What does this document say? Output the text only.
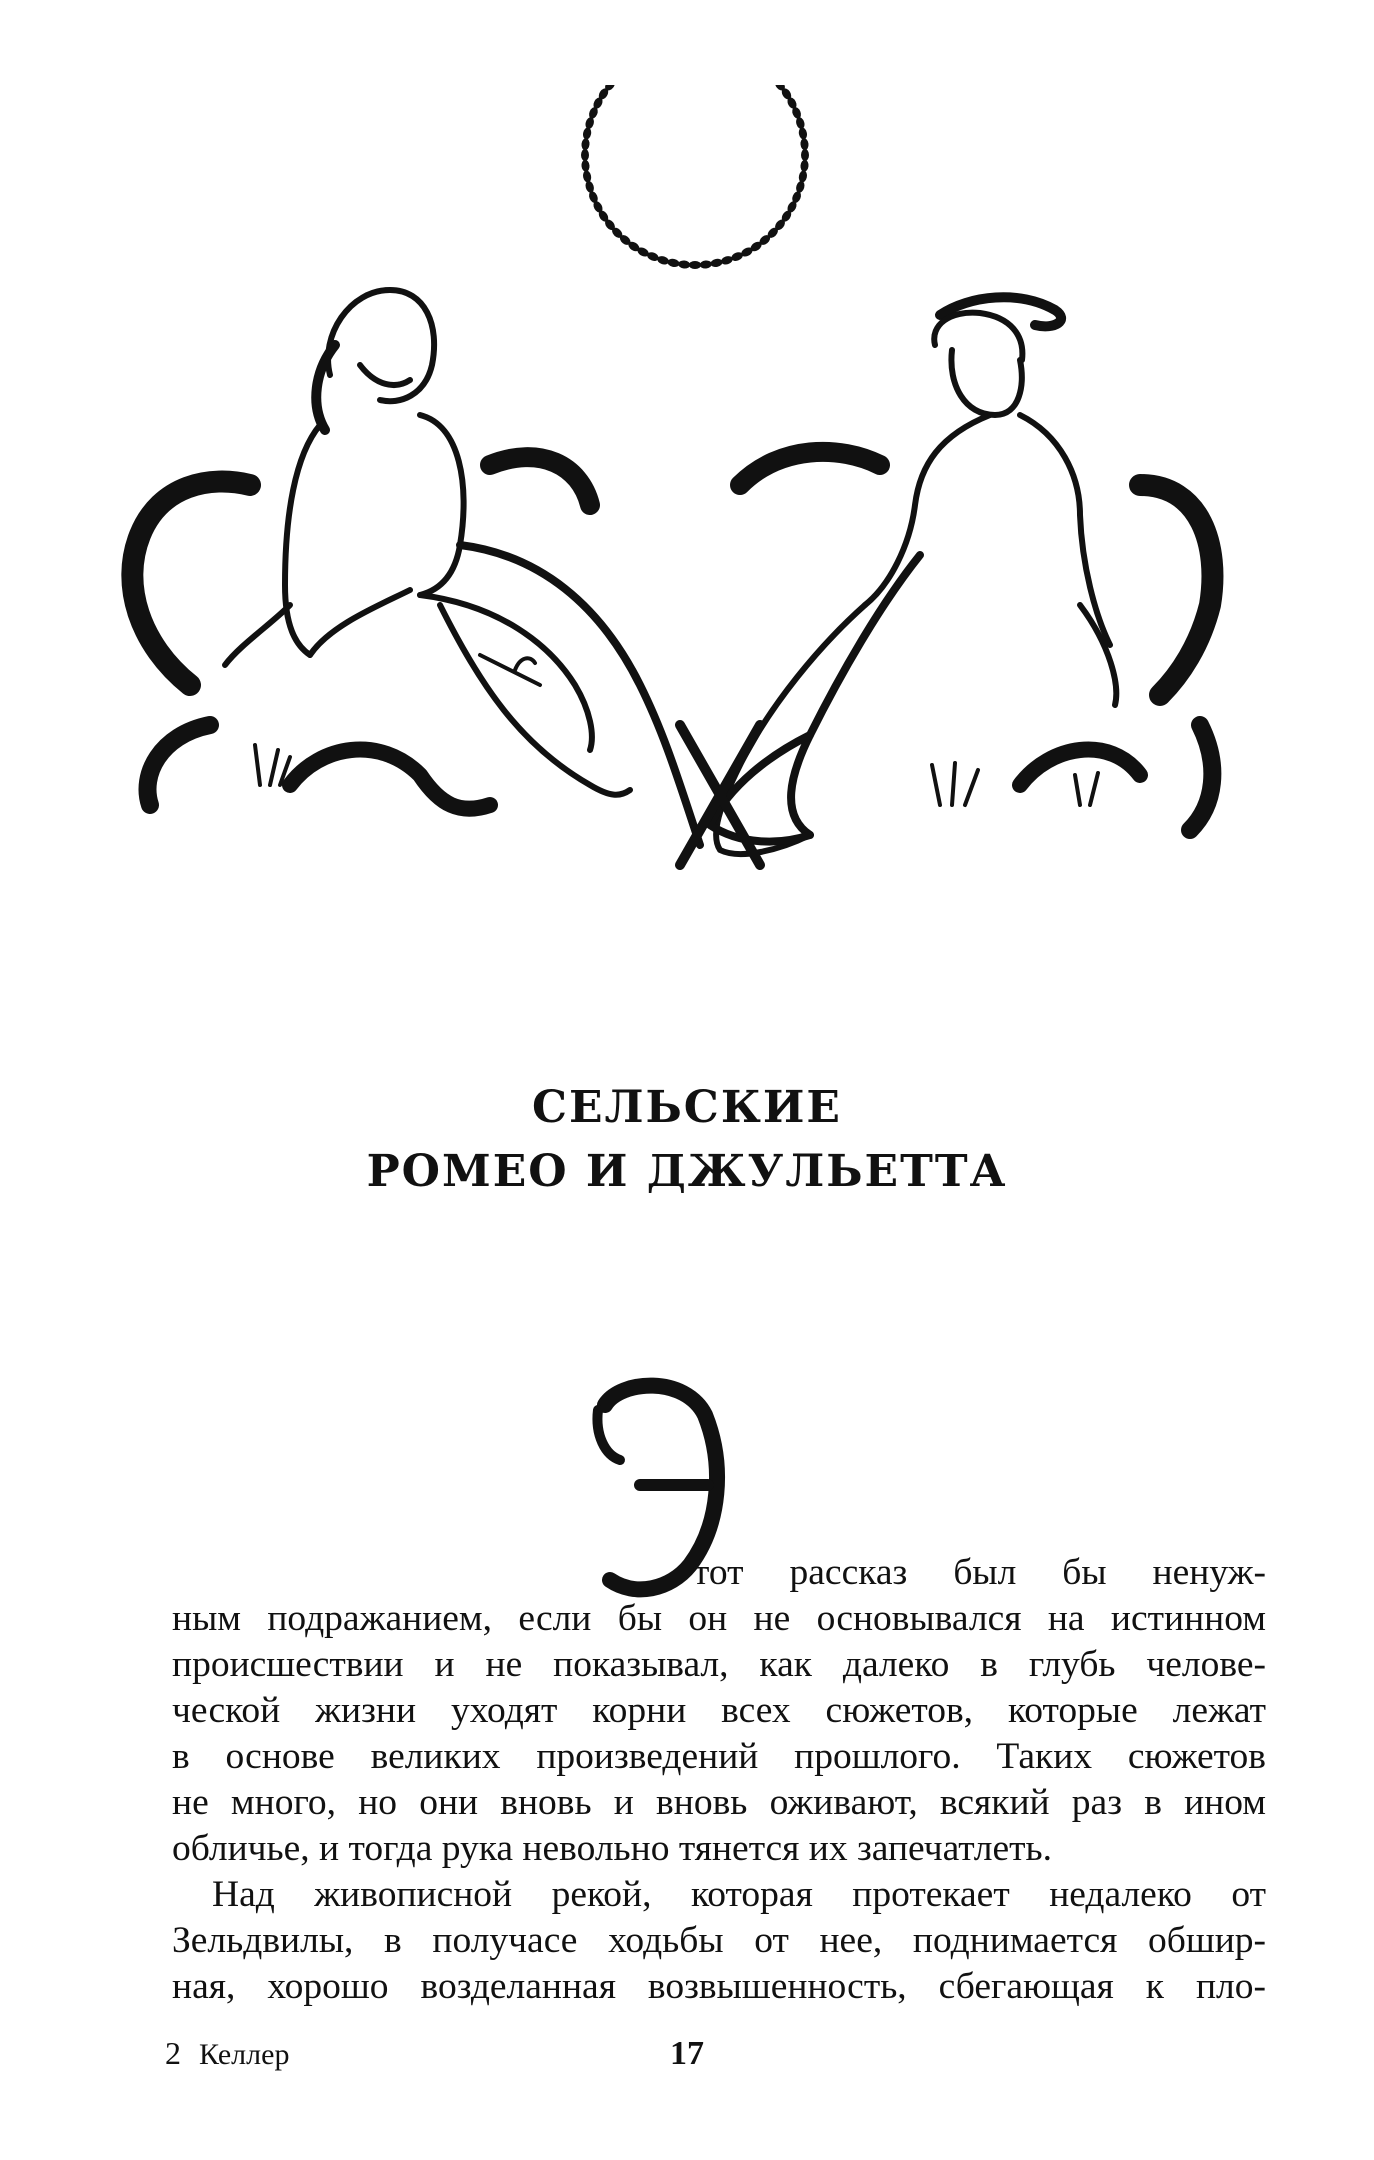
СЕЛЬСКИЕ
РОМЕО И ДЖУЛЬЕТТА
тот рассказ был бы ненуж-
ным подражанием, если бы он не основывался на истинном
происшествии и не показывал, как далеко в глубь челове-
ческой жизни уходят корни всех сюжетов, которые лежат
в основе великих произведений прошлого. Таких сюжетов
не много, но они вновь и вновь оживают, всякий раз в ином
обличье, и тогда рука невольно тянется их запечатлеть.
Над живописной рекой, которая протекает недалеко от
Зельдвилы, в получасе ходьбы от нее, поднимается обшир-
ная, хорошо возделанная возвышенность, сбегающая к пло-
2 Келлер	17
